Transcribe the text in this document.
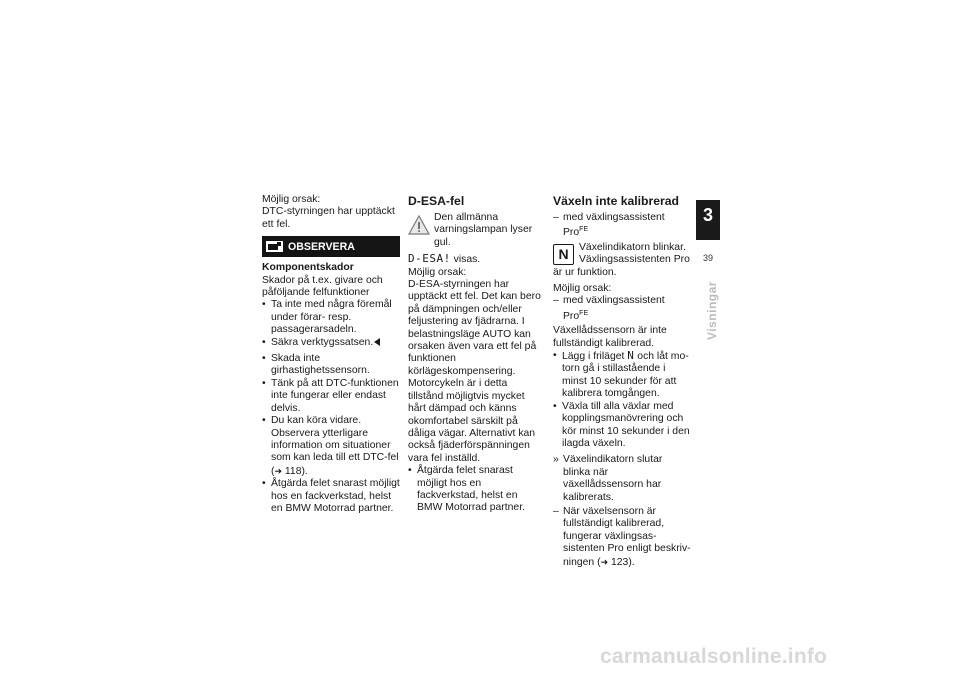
Möjlig orsak:

DTC-styrningen har upptäckt ett fel.

OBSERVERA

Komponentskador

Skador på t.ex. givare och påföljande felfunktioner

• Ta inte med några föremål under förar- resp. passagerarsadeln.
• Säkra verktygssatsen.
• Skada inte girhastighetssensorn.
• Tänk på att DTC-funktionen inte fungerar eller endast delvis.
• Du kan köra vidare. Observera ytterligare information om situationer som kan leda till ett DTC-fel (➜ 118).
• Åtgärda felet snarast möjligt hos en fackverkstad, helst en BMW Motorrad partner.
D-ESA-fel
Den allmänna varningslampan lyser gul.

D-ESA! visas.

Möjlig orsak:

D-ESA-styrningen har upptäckt ett fel. Det kan bero på dämpningen och/eller feljustering av fjädrarna. I belastningsläge AUTO kan orsaken även vara ett fel på funktionen körlägeskompensering. Motorcykeln är i detta tillstånd möjligtvis mycket hårt dämpad och känns okomfortabel särskilt på dåliga vägar. Alternativt kan också fjäderförspänningen vara fel inställd.

• Åtgärda felet snarast möjligt hos en fackverkstad, helst en BMW Motorrad partner.
Växeln inte kalibrerad

– med växlingsassistent Pro$^{FE}$

N	Växelindikatorn blinkar. Växlingsassistenten Pro är ur funktion.

Möjlig orsak:

– med växlingsassistent Pro$^{FE}$

Växellådssensorn är inte fullständigt kalibrerad.

• Lägg i friläget N och låt motorn gå i stillastående i minst 10 sekunder för att kalibrera tomgången.
• Växla till alla växlar med kopplingsmanövrering och kör minst 10 sekunder i den ilagda växeln.

» Växelindikatorn slutar blinka när växellådssensorn har kalibrerats.

– När växelsensorn är fullständigt kalibrerad, fungerar växlingsassistenten Pro enligt beskrivningen (➜ 123).

3
39
Visningar
carmanualsonline.info
